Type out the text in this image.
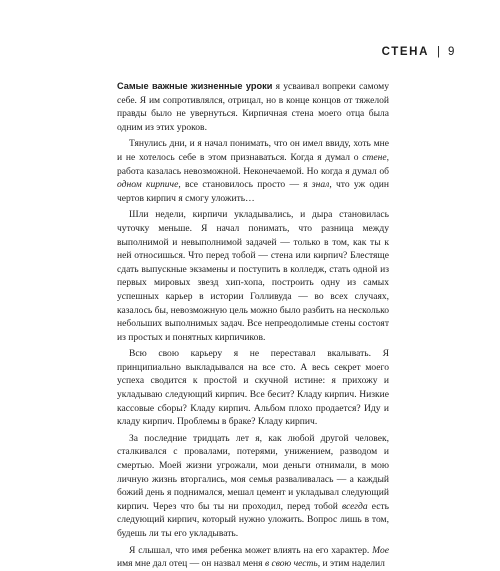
СТЕНА | 9

Самые важные жизненные уроки я усваивал вопреки самому себе. Я им сопротивлялся, отрицал, но в конце концов от тяжелой правды было не увернуться. Кирпичная стена моего отца была одним из этих уроков.

Тянулись дни, и я начал понимать, что он имел ввиду, хоть мне и не хотелось себе в этом признаваться. Когда я думал о стене, работа казалась невозможной. Неконечаемой. Но когда я думал об одном кирпиче, все становилось просто — я знал, что уж один чертов кирпич я смогу уложить…

Шли недели, кирпичи укладывались, и дыра становилась чуточку меньше. Я начал понимать, что разница между выполнимой и невыполнимой задачей — только в том, как ты к ней относишься. Что перед тобой — стена или кирпич? Блестяще сдать выпускные экзамены и поступить в колледж, стать одной из первых мировых звезд хип-хопа, построить одну из самых успешных карьер в истории Голливуда — во всех случаях, казалось бы, невозможную цель можно было разбить на несколько небольших выполнимых задач. Все непреодолимые стены состоят из простых и понятных кирпичиков.

Всю свою карьеру я не переставал вкалывать. Я принципиально выкладывался на все сто. А весь секрет моего успеха сводится к простой и скучной истине: я прихожу и укладываю следующий кирпич. Все бесит? Кладу кирпич. Низкие кассовые сборы? Кладу кирпич. Альбом плохо продается? Иду и кладу кирпич. Проблемы в браке? Кладу кирпич.

За последние тридцать лет я, как любой другой человек, сталкивался с провалами, потерями, унижением, разводом и смертью. Моей жизни угрожали, мои деньги отнимали, в мою личную жизнь вторгались, моя семья разваливалась — а каждый божий день я поднимался, мешал цемент и укладывал следующий кирпич. Через что бы ты ни проходил, перед тобой всегда есть следующий кирпич, который нужно уложить. Вопрос лишь в том, будешь ли ты его укладывать.

Я слышал, что имя ребенка может влиять на его характер. Мое имя мне дал отец — он назвал меня в свою честь, и этим наделил
